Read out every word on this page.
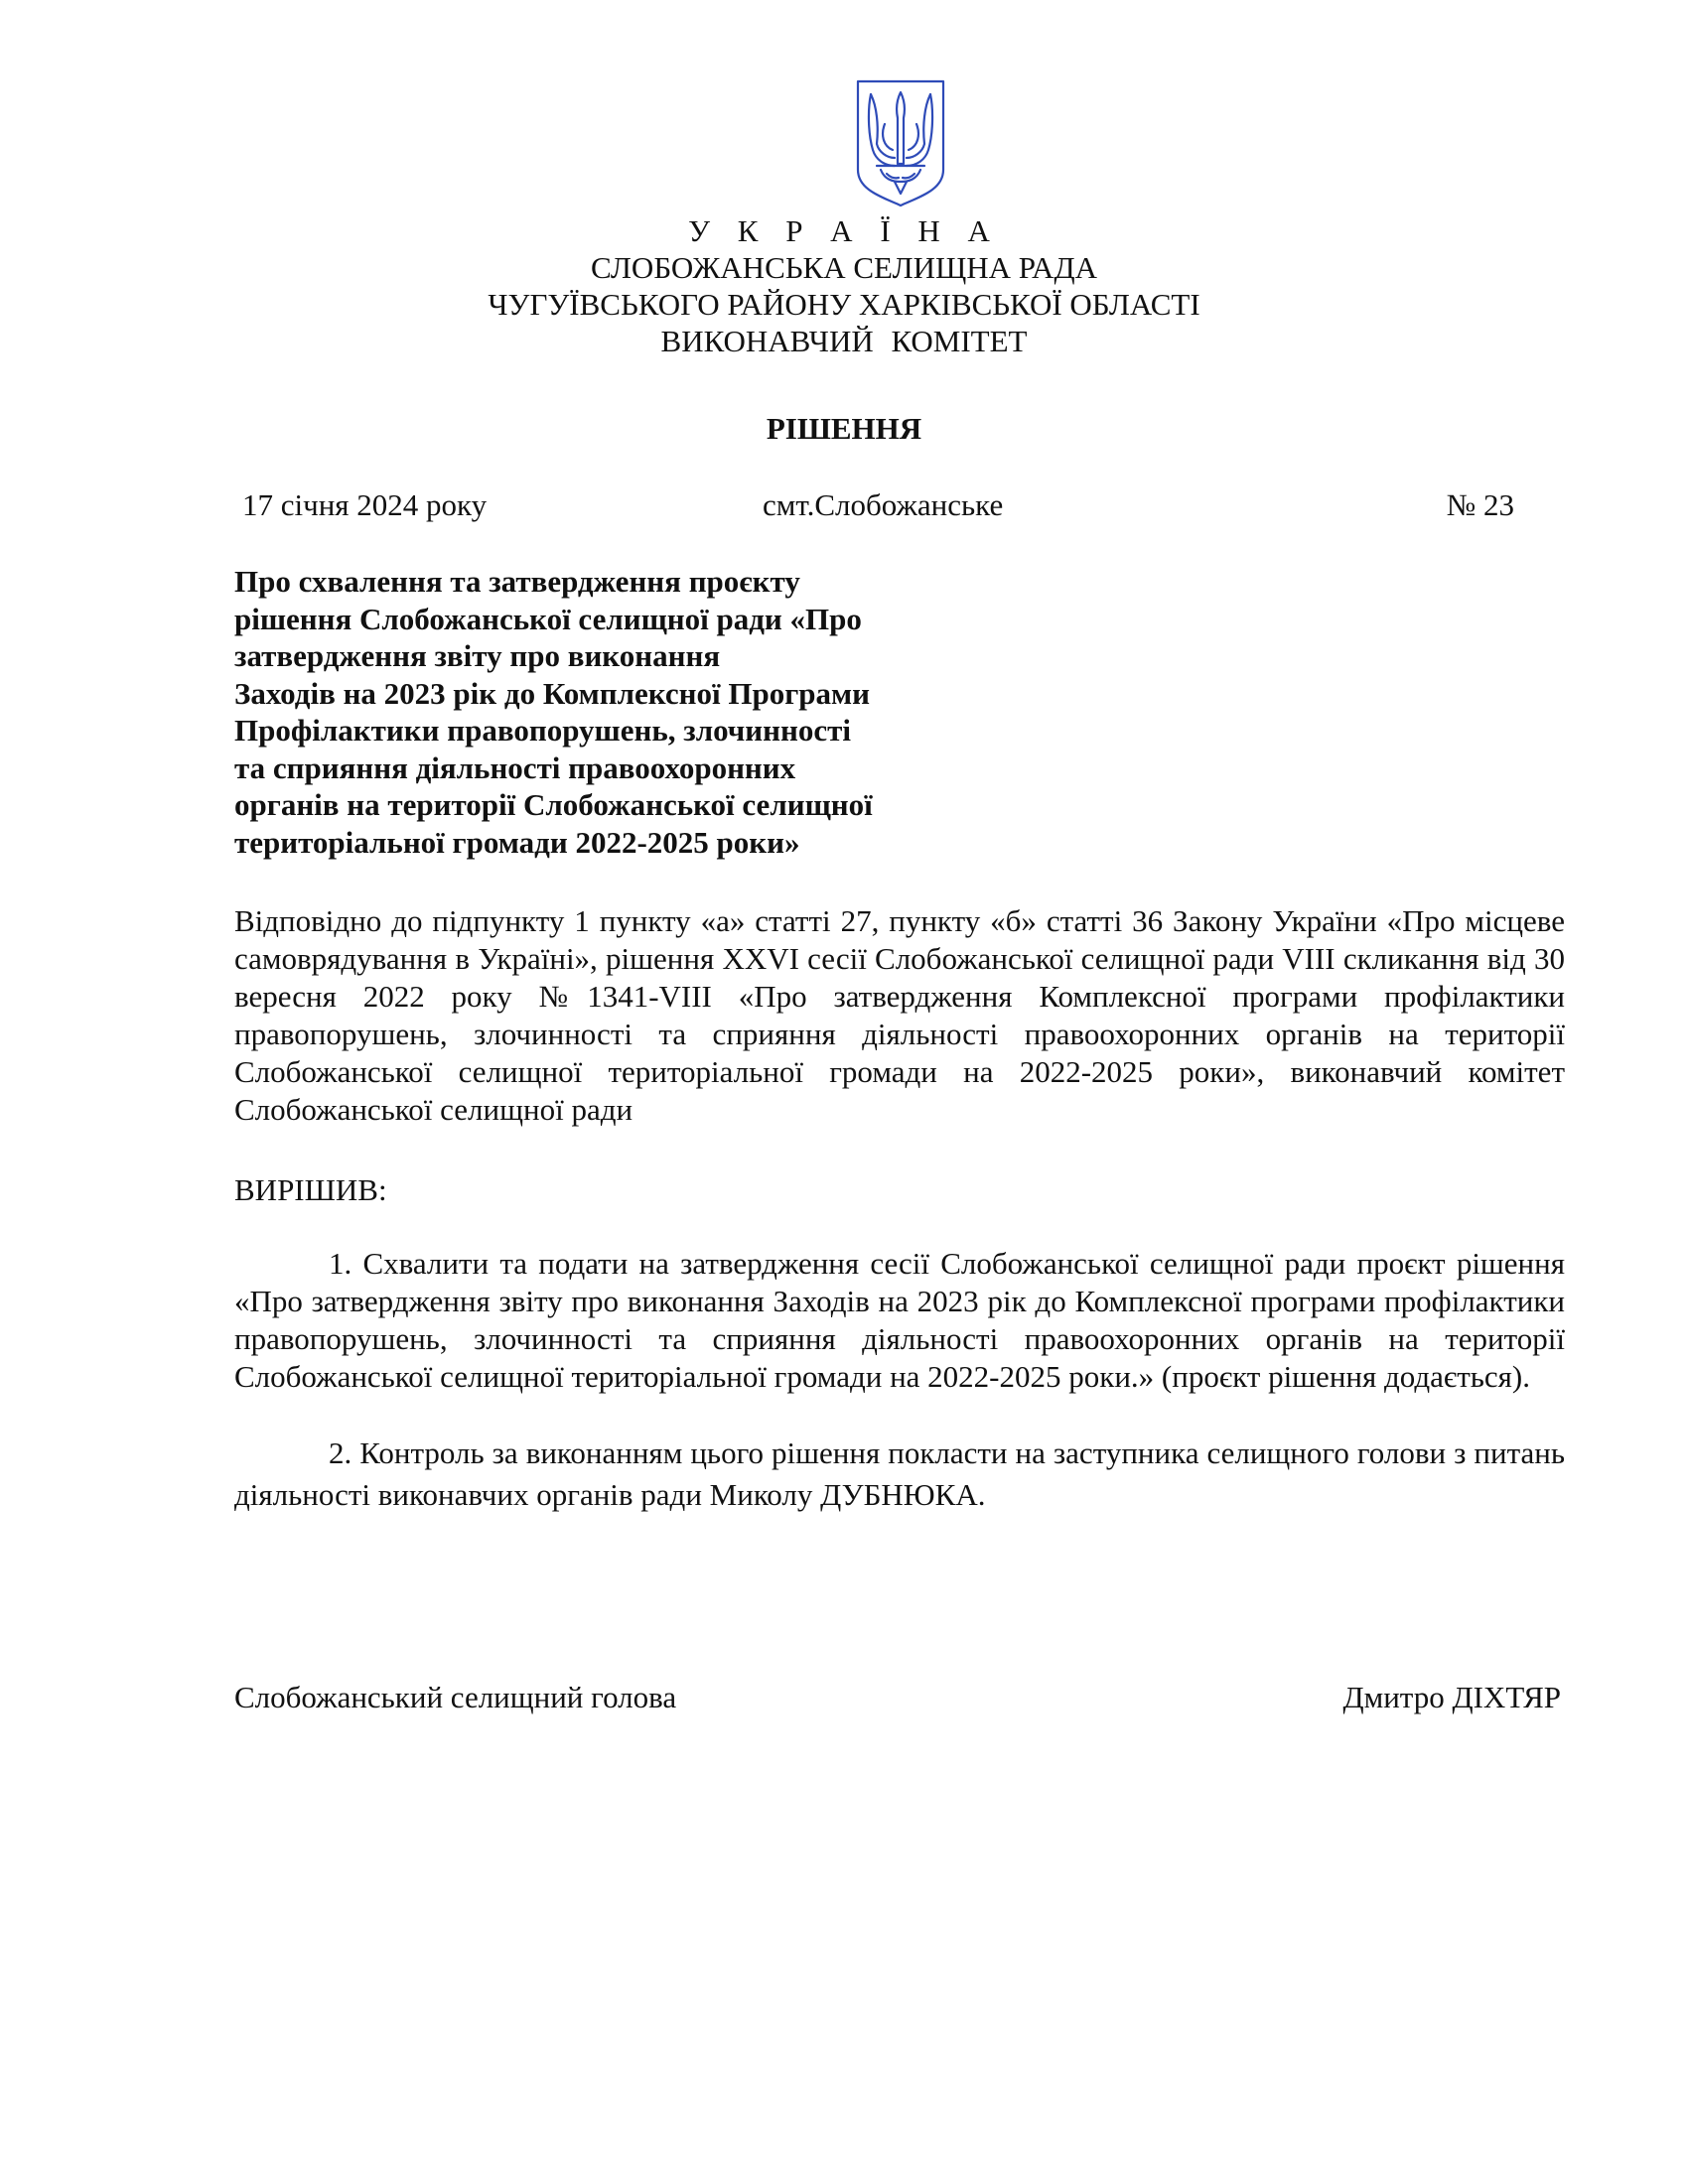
У К Р А Ї Н А
СЛОБОЖАНСЬКА СЕЛИЩНА РАДА
ЧУГУЇВСЬКОГО РАЙОНУ ХАРКІВСЬКОЇ ОБЛАСТІ
ВИКОНАВЧИЙ КОМІТЕТ
РІШЕННЯ
17 січня 2024 року	смт.Слобожанське	№ 23
Про схвалення та затвердження проєкту
рішення Слобожанської селищної ради «Про
затвердження звіту про виконання
Заходів на 2023 рік до Комплексної Програми
Профілактики правопорушень, злочинності
та сприяння діяльності правоохоронних
органів на території Слобожанської селищної
територіальної громади 2022-2025 роки»
Відповідно до підпункту 1 пункту «а» статті 27, пункту «б» статті 36 Закону України «Про місцеве самоврядування в Україні», рішення XXVI сесії Слобожанської селищної ради VIII скликання від 30 вересня 2022 року №1341-VIII «Про затвердження Комплексної програми профілактики правопорушень, злочинності та сприяння діяльності правоохоронних органів на території Слобожанської селищної територіальної громади на 2022-2025 роки», виконавчий комітет Слобожанської селищної ради
ВИРІШИВ:
1. Схвалити та подати на затвердження сесії Слобожанської селищної ради проєкт рішення «Про затвердження звіту про виконання Заходів на 2023 рік до Комплексної програми профілактики правопорушень, злочинності та сприяння діяльності правоохоронних органів на території Слобожанської селищної територіальної громади на 2022-2025 роки.» (проєкт рішення додається).
2. Контроль за виконанням цього рішення покласти на заступника селищного голови з питань діяльності виконавчих органів ради Миколу ДУБНЮКА.
Слобожанський селищний голова	Дмитро ДІХТЯР
